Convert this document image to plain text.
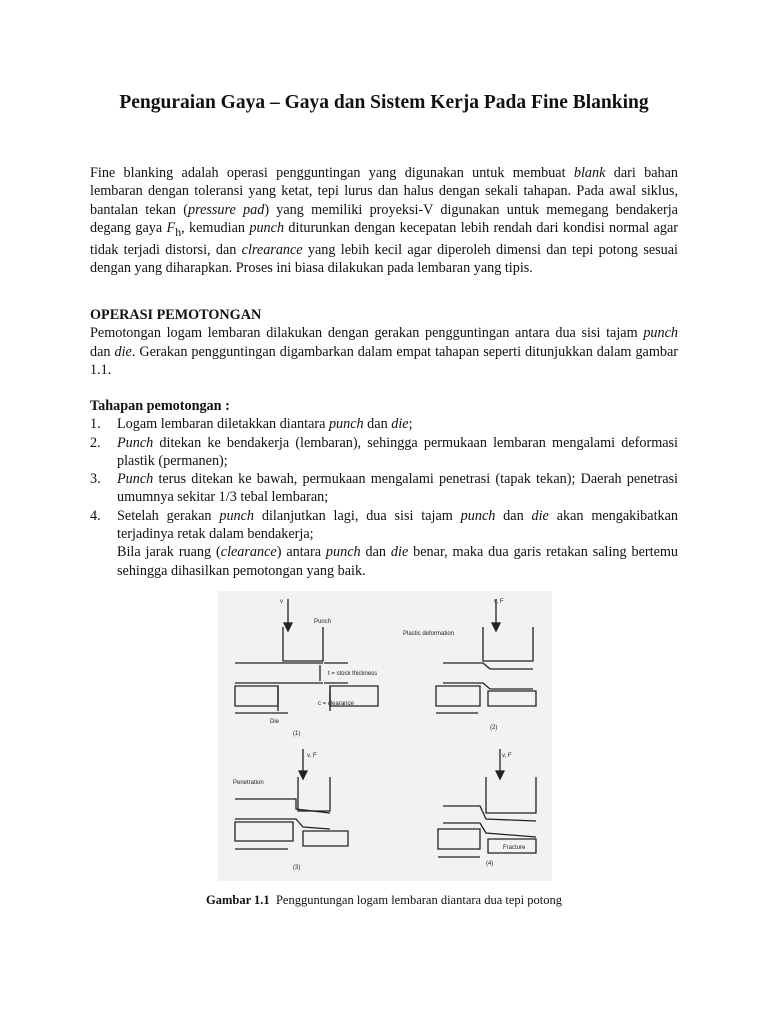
Penguraian Gaya – Gaya dan Sistem Kerja Pada Fine Blanking

Fine blanking adalah operasi pengguntingan yang digunakan untuk membuat blank dari bahan lembaran dengan toleransi yang ketat, tepi lurus dan halus dengan sekali tahapan. Pada awal siklus, bantalan tekan (pressure pad) yang memiliki proyeksi-V digunakan untuk memegang bendakerja degang gaya $F_h$, kemudian punch diturunkan dengan kecepatan lebih rendah dari kondisi normal agar tidak terjadi distorsi, dan clrearance yang lebih kecil agar diperoleh dimensi dan tepi potong sesuai dengan yang diharapkan. Proses ini biasa dilakukan pada lembaran yang tipis.

OPERASI PEMOTONGAN

Pemotongan logam lembaran dilakukan dengan gerakan pengguntingan antara dua sisi tajam punch dan die. Gerakan pengguntingan digambarkan dalam empat tahapan seperti ditunjukkan dalam gambar 1.1.

Tahapan pemotongan :

1. Logam lembaran diletakkan diantara punch dan die;
2. Punch ditekan ke bendakerja (lembaran), sehingga permukaan lembaran mengalami deformasi plastik (permanen);
3. Punch terus ditekan ke bawah, permukaan mengalami penetrasi (tapak tekan); Daerah penetrasi umumnya sekitar 1/3 tebal lembaran;
4. Setelah gerakan punch dilanjutkan lagi, dua sisi tajam punch dan die akan mengakibatkan terjadinya retak dalam bendakerja;
Bila jarak ruang (clearance) antara punch dan die benar, maka dua garis retakan saling bertemu sehingga dihasilkan pemotongan yang baik.
v
Punch
t = stock thickness
c = clearance
Die
(1)
v, F
Plastic deformation
(2)
v, F
Penetration
(3)
v, F
Fracture
(4)
Gambar 1.1 Pengguntungan logam lembaran diantara dua tepi potong
